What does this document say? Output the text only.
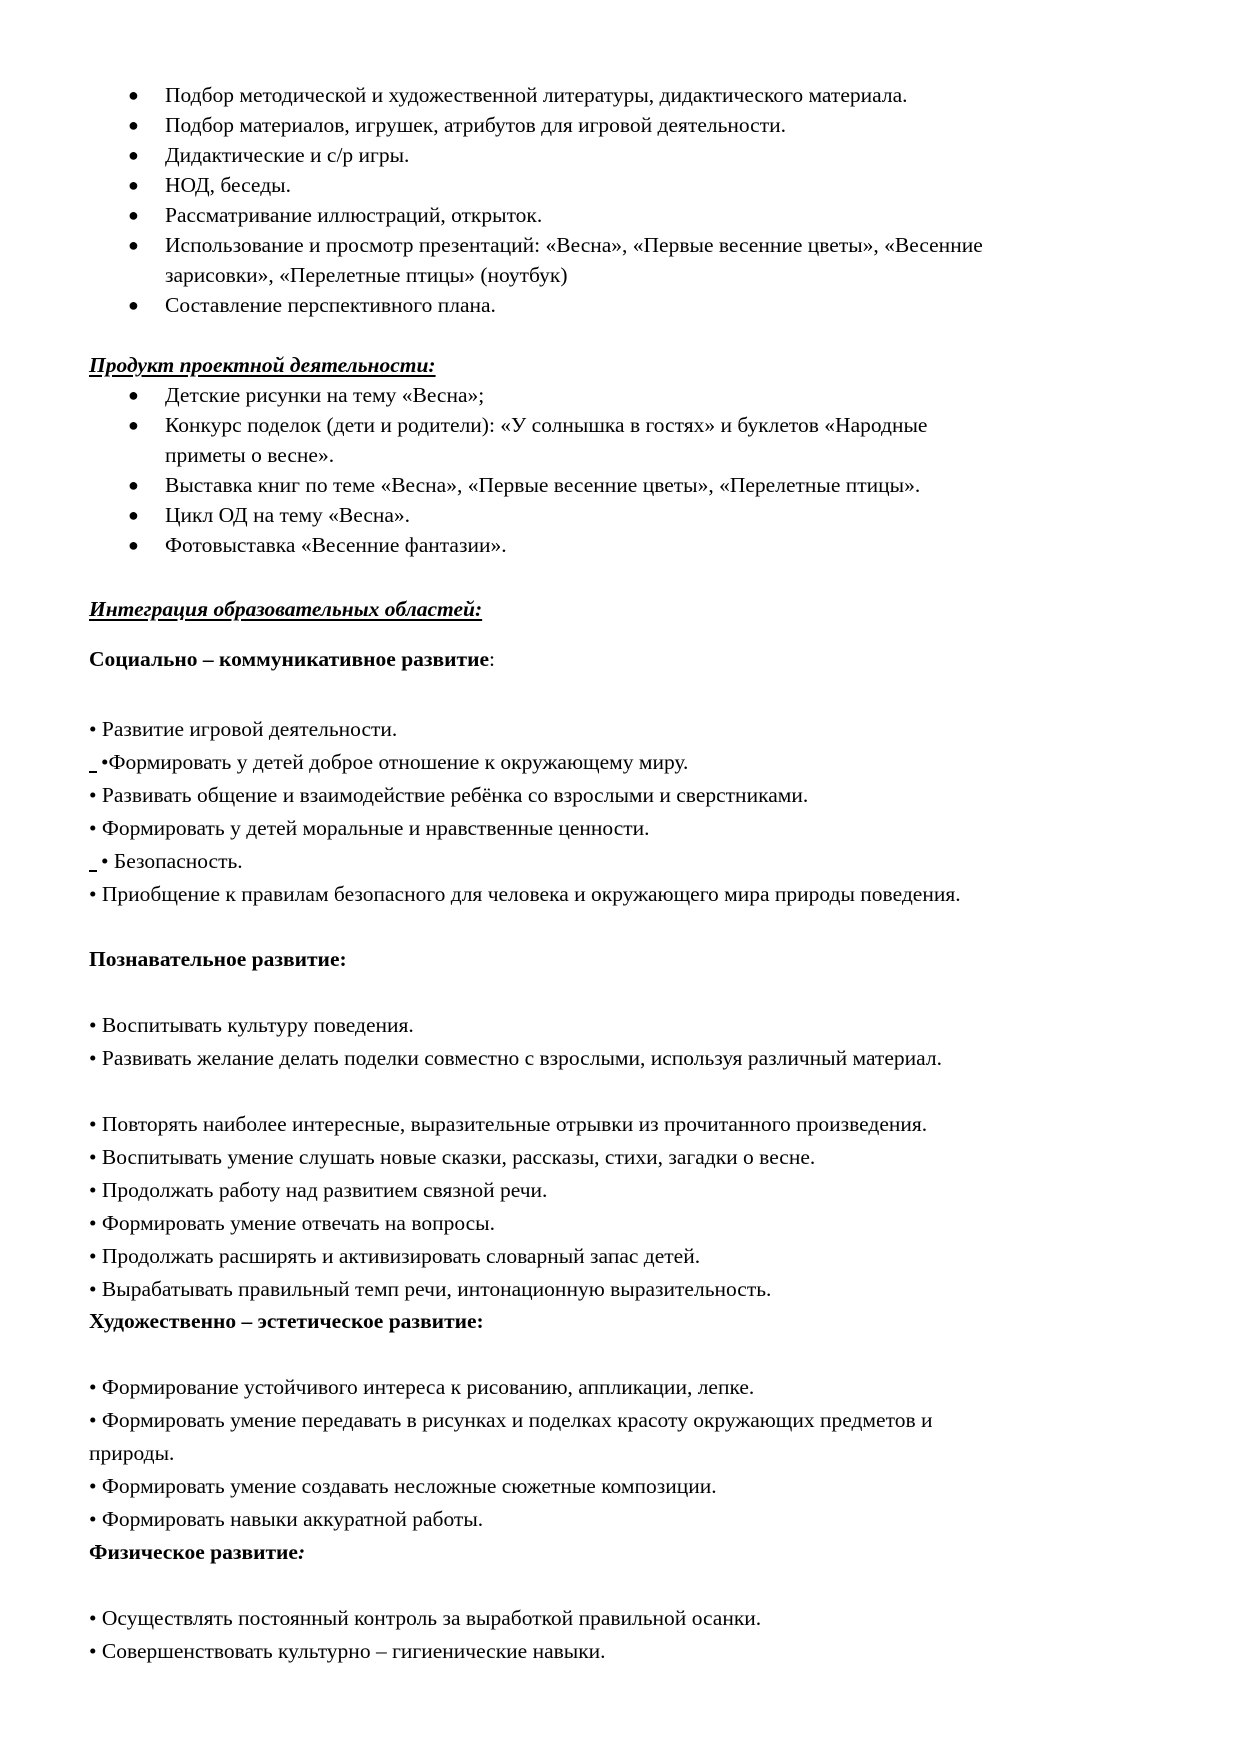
● Подбор методической и художественной литературы, дидактического материала.
● Подбор материалов, игрушек, атрибутов для игровой деятельности.
● Дидактические и с/р игры.
● НОД, беседы.
● Рассматривание иллюстраций, открыток.
● Использование и просмотр презентаций: «Весна», «Первые весенние цветы», «Весенние
зарисовки», «Перелетные птицы» (ноутбук)
● Составление перспективного плана.
Продукт проектной деятельности:
● Детские рисунки на тему «Весна»;
● Конкурс поделок (дети и родители): «У солнышка в гостях» и буклетов «Народные
приметы о весне».
● Выставка книг по теме «Весна», «Первые весенние цветы», «Перелетные птицы».
● Цикл ОД на тему «Весна».
● Фотовыставка «Весенние фантазии».
Интеграция образовательных областей:
Социально – коммуникативное развитие:
• Развитие игровой деятельности.
•Формировать у детей доброе отношение к окружающему миру.
• Развивать общение и взаимодействие ребёнка со взрослыми и сверстниками.
• Формировать у детей моральные и нравственные ценности.
• Безопасность.
• Приобщение к правилам безопасного для человека и окружающего мира природы поведения.
Познавательное развитие:
• Воспитывать культуру поведения.
• Развивать желание делать поделки совместно с взрослыми, используя различный материал.
• Повторять наиболее интересные, выразительные отрывки из прочитанного произведения.
• Воспитывать умение слушать новые сказки, рассказы, стихи, загадки о весне.
• Продолжать работу над развитием связной речи.
• Формировать умение отвечать на вопросы.
• Продолжать расширять и активизировать словарный запас детей.
• Вырабатывать правильный темп речи, интонационную выразительность.
Художественно – эстетическое развитие:
• Формирование устойчивого интереса к рисованию, аппликации, лепке.
• Формировать умение передавать в рисунках и поделках красоту окружающих предметов и
природы.
• Формировать умение создавать несложные сюжетные композиции.
• Формировать навыки аккуратной работы.
Физическое развитие:
• Осуществлять постоянный контроль за выработкой правильной осанки.
• Совершенствовать культурно – гигиенические навыки.
